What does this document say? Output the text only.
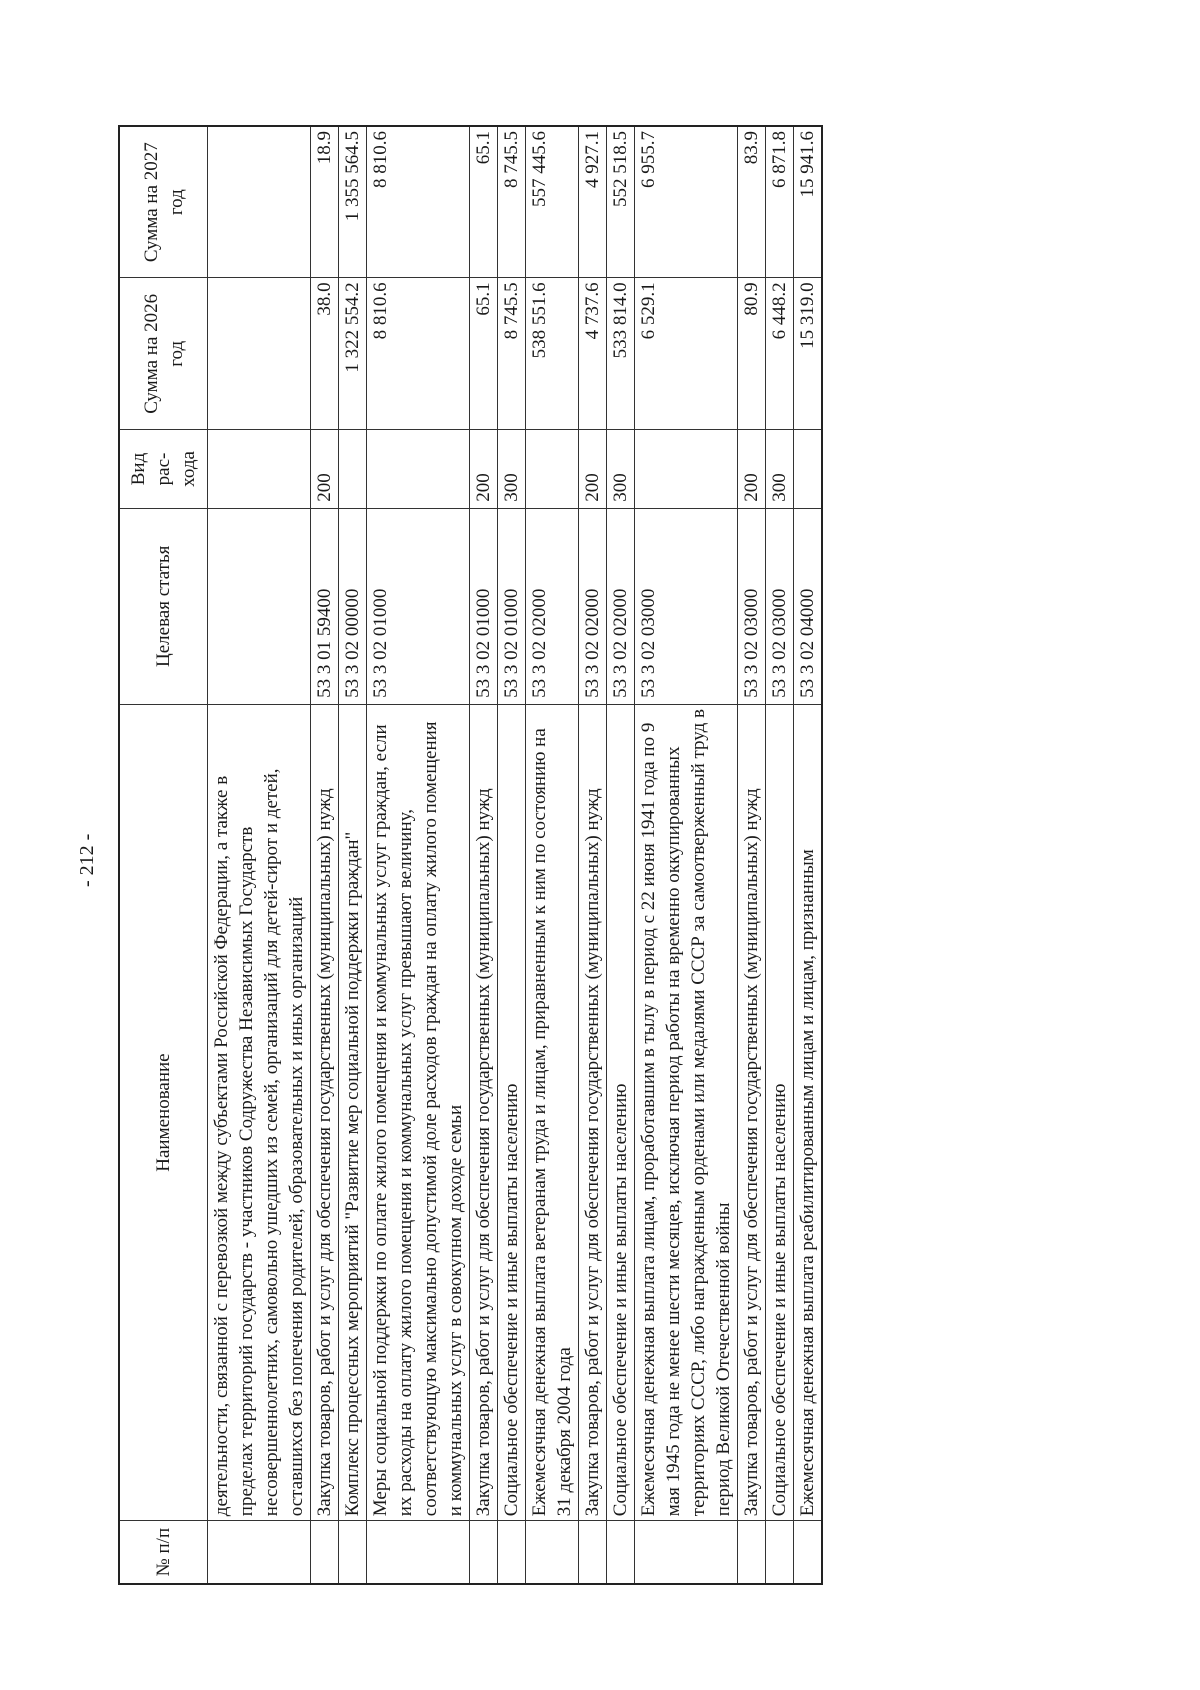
- 212 -
№ п/п	Наименование	Целевая статья	Вид рас- хода	Сумма на 2026 год	Сумма на 2027 год
	деятельности, связанной с перевозкой между субъектами Российской Федерации, а также в пределах территорий государств - участников Содружества Независимых Государств несовершеннолетних, самовольно ушедших из семей, организаций для детей-сирот и детей, оставшихся без попечения родителей, образовательных и иных организаций				
	Закупка товаров, работ и услуг для обеспечения государственных (муниципальных) нужд	53 3 01 59400	200	38.0	18.9
	Комплекс процессных мероприятий "Развитие мер социальной поддержки граждан"	53 3 02 00000		1 322 554.2	1 355 564.5
	Меры социальной поддержки по оплате жилого помещения и коммунальных услуг граждан, если их расходы на оплату жилого помещения и коммунальных услуг превышают величину, соответствующую максимально допустимой доле расходов граждан на оплату жилого помещения и коммунальных услуг в совокупном доходе семьи	53 3 02 01000		8 810.6	8 810.6
	Закупка товаров, работ и услуг для обеспечения государственных (муниципальных) нужд	53 3 02 01000	200	65.1	65.1
	Социальное обеспечение и иные выплаты населению	53 3 02 01000	300	8 745.5	8 745.5
	Ежемесячная денежная выплата ветеранам труда и лицам, приравненным к ним по состоянию на 31 декабря 2004 года	53 3 02 02000		538 551.6	557 445.6
	Закупка товаров, работ и услуг для обеспечения государственных (муниципальных) нужд	53 3 02 02000	200	4 737.6	4 927.1
	Социальное обеспечение и иные выплаты населению	53 3 02 02000	300	533 814.0	552 518.5
	Ежемесячная денежная выплата лицам, проработавшим в тылу в период с 22 июня 1941 года по 9 мая 1945 года не менее шести месяцев, исключая период работы на временно оккупированных территориях СССР, либо награжденным орденами или медалями СССР за самоотверженный труд в период Великой Отечественной войны	53 3 02 03000		6 529.1	6 955.7
	Закупка товаров, работ и услуг для обеспечения государственных (муниципальных) нужд	53 3 02 03000	200	80.9	83.9
	Социальное обеспечение и иные выплаты населению	53 3 02 03000	300	6 448.2	6 871.8
	Ежемесячная денежная выплата реабилитированным лицам и лицам, признанным	53 3 02 04000		15 319.0	15 941.6
